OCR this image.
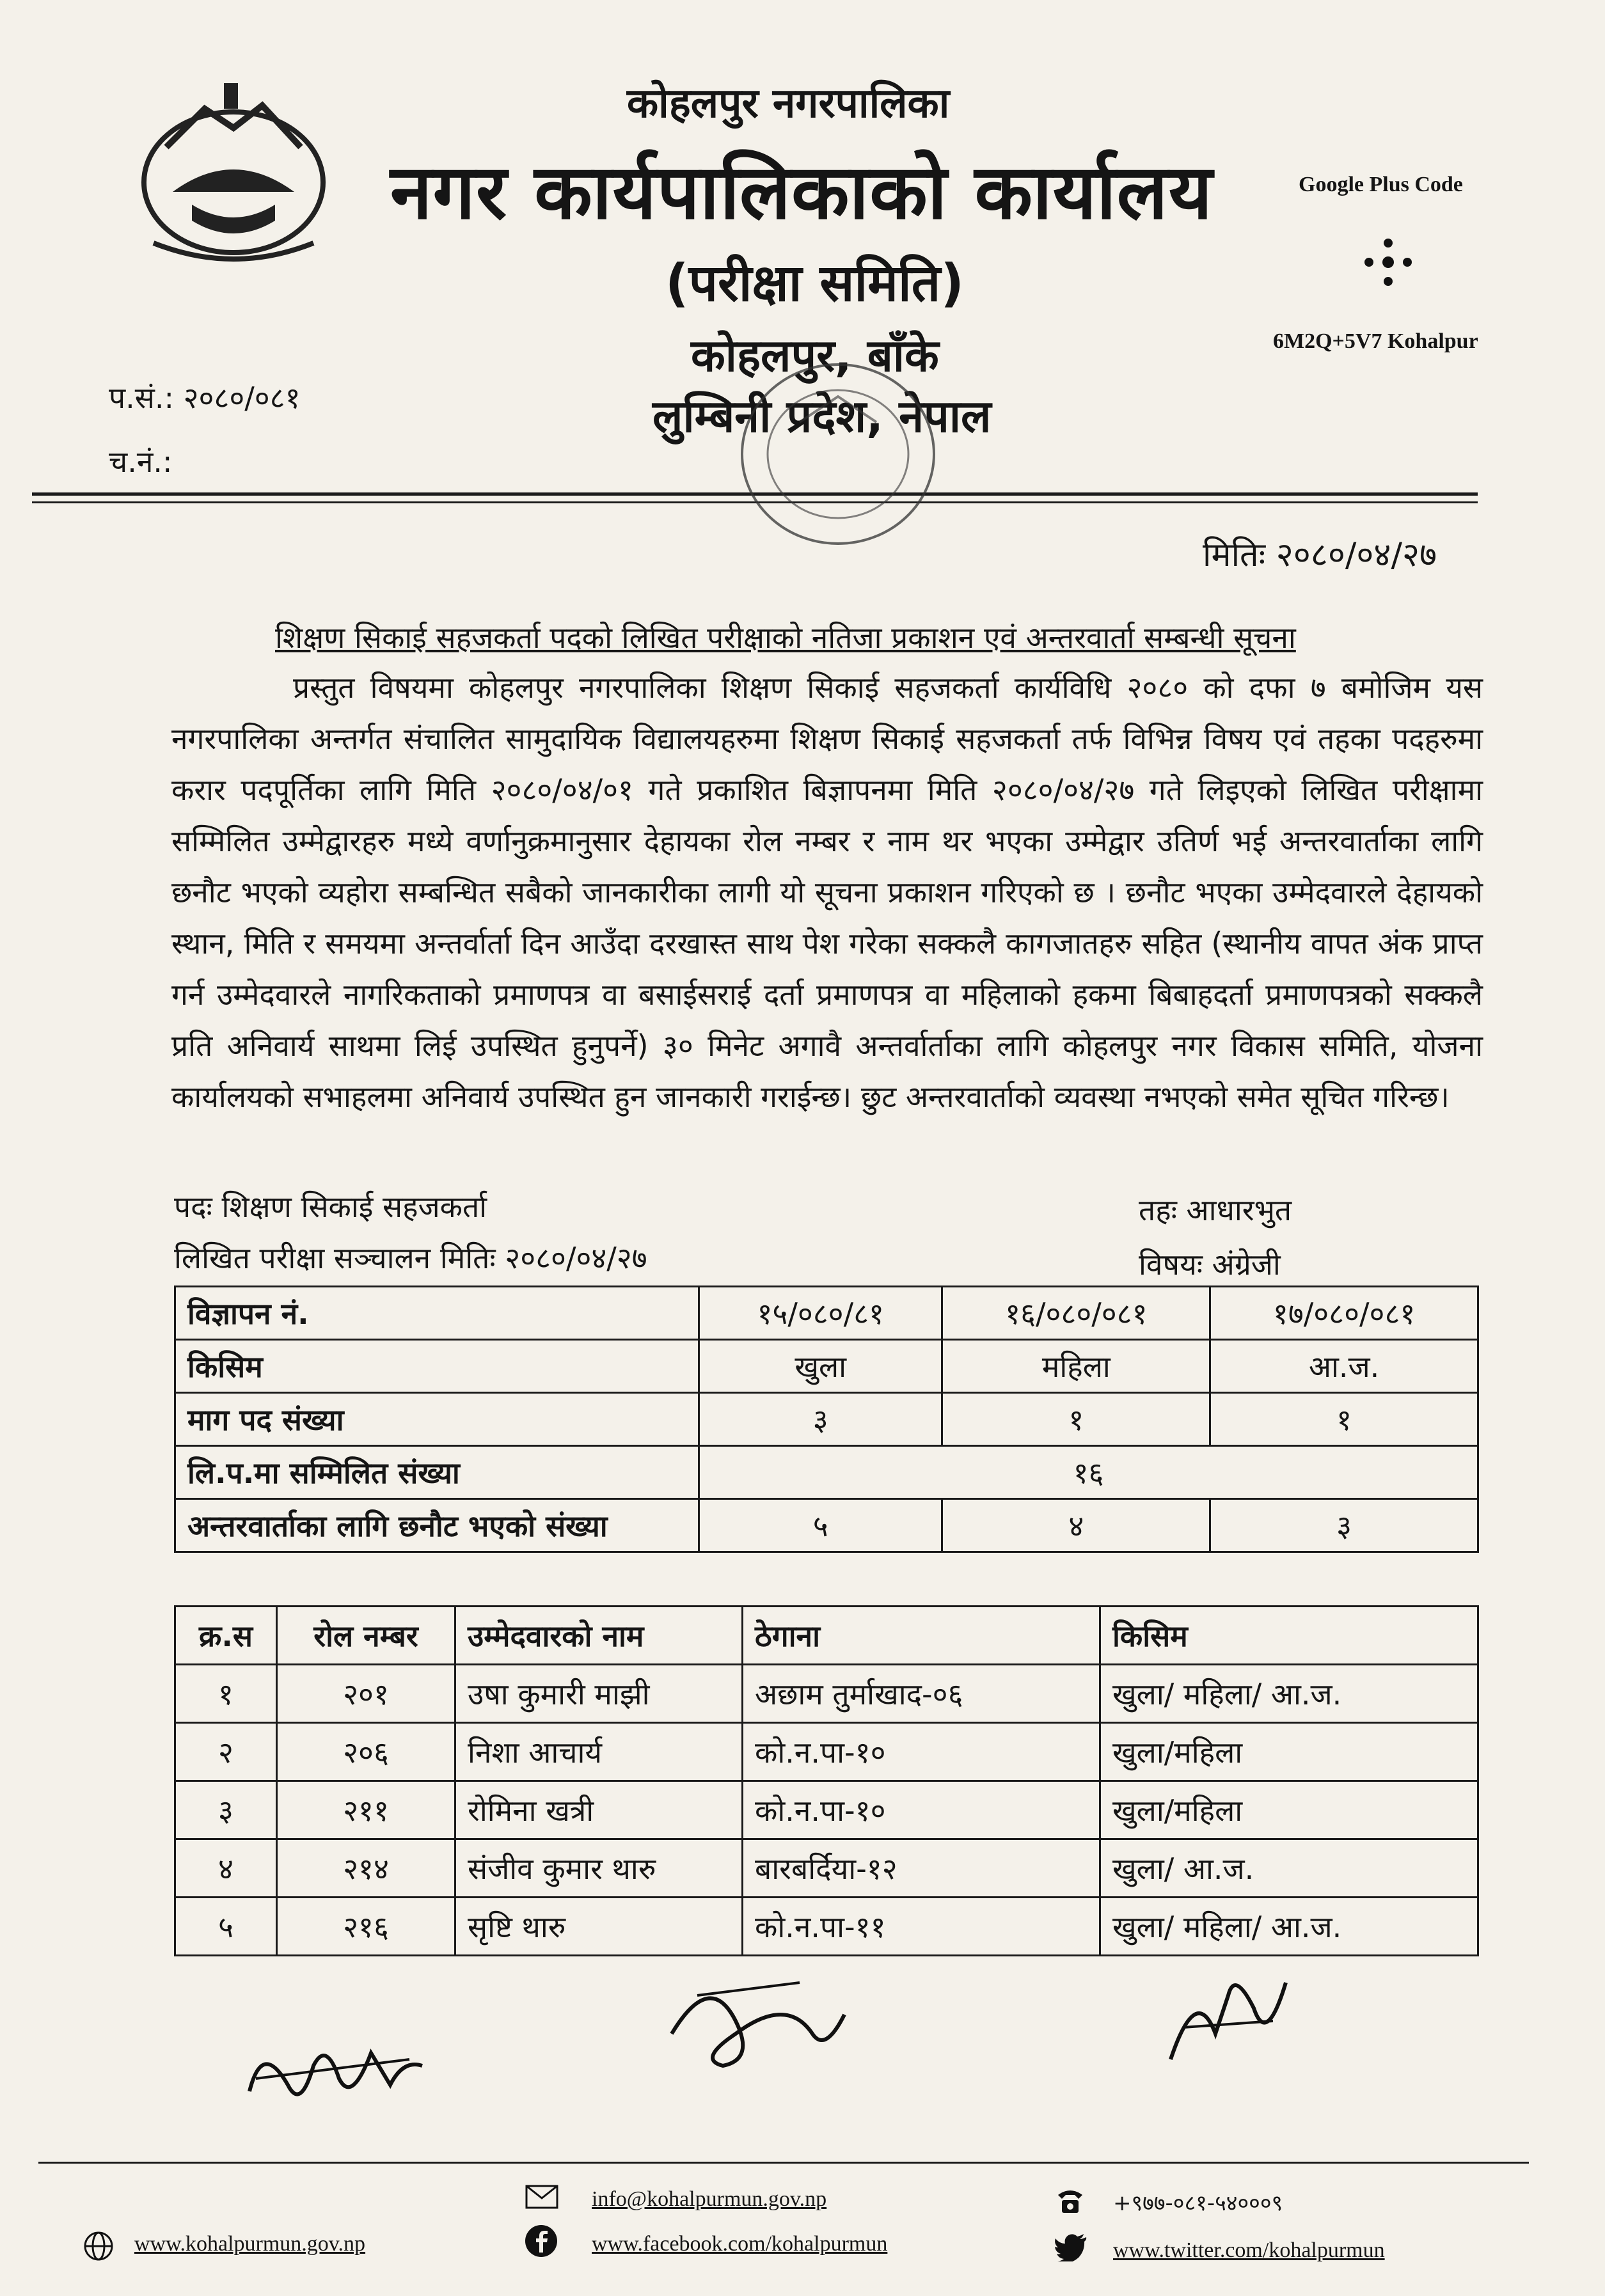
कोहलपुर नगरपालिका
नगर कार्यपालिकाको कार्यालय
(परीक्षा समिति)
कोहलपुर, बाँके
लुम्बिनी प्रदेश, नेपाल
Google Plus Code
6M2Q+5V7 Kohalpur
प.सं.: २०८०/०८१
च.नं.:
मितिः २०८०/०४/२७
शिक्षण सिकाई सहजकर्ता पदको लिखित परीक्षाको नतिजा प्रकाशन एवं अन्तरवार्ता सम्बन्धी सूचना
प्रस्तुत विषयमा कोहलपुर नगरपालिका शिक्षण सिकाई सहजकर्ता कार्यविधि २०८० को दफा ७ बमोजिम यस नगरपालिका अन्तर्गत संचालित सामुदायिक विद्यालयहरुमा शिक्षण सिकाई सहजकर्ता तर्फ विभिन्न विषय एवं तहका पदहरुमा करार पदपूर्तिका लागि मिति २०८०/०४/०१ गते प्रकाशित बिज्ञापनमा मिति २०८०/०४/२७ गते लिइएको लिखित परीक्षामा सम्मिलित उम्मेद्वारहरु मध्ये वर्णानुक्रमानुसार देहायका रोल नम्बर र नाम थर भएका उम्मेद्वार उतिर्ण भई अन्तरवार्ताका लागि छनौट भएको व्यहोरा सम्बन्धित सबैको जानकारीका लागी यो सूचना प्रकाशन गरिएको छ । छनौट भएका उम्मेदवारले देहायको स्थान, मिति र समयमा अन्तर्वार्ता दिन आउँदा दरखास्त साथ पेश गरेका सक्कलै कागजातहरु सहित (स्थानीय वापत अंक प्राप्त गर्न उम्मेदवारले नागरिकताको प्रमाणपत्र वा बसाईसराई दर्ता प्रमाणपत्र वा महिलाको हकमा बिबाहदर्ता प्रमाणपत्रको सक्कलै प्रति अनिवार्य साथमा लिई उपस्थित हुनुपर्ने) ३० मिनेट अगावै अन्तर्वार्ताका लागि कोहलपुर नगर विकास समिति, योजना कार्यालयको सभाहलमा अनिवार्य उपस्थित हुन जानकारी गराईन्छ। छुट अन्तरवार्ताको व्यवस्था नभएको समेत सूचित गरिन्छ।
पदः शिक्षण सिकाई सहजकर्ता	तहः आधारभुत
लिखित परीक्षा सञ्चालन मितिः २०८०/०४/२७	विषयः अंग्रेजी
विज्ञापन नं.	१५/०८०/८१	१६/०८०/०८१	१७/०८०/०८१
किसिम	खुला	महिला	आ.ज.
माग पद संख्या	३	१	१
लि.प.मा सम्मिलित संख्या	१६		
अन्तरवार्ताका लागि छनौट भएको संख्या	५	४	३
क्र.स	रोल नम्बर	उम्मेदवारको नाम	ठेगाना	किसिम
१	२०१	उषा कुमारी माझी	अछाम तुर्माखाद-०६	खुला/ महिला/ आ.ज.
२	२०६	निशा आचार्य	को.न.पा-१०	खुला/महिला
३	२११	रोमिना खत्री	को.न.पा-१०	खुला/महिला
४	२१४	संजीव कुमार थारु	बारबर्दिया-१२	खुला/ आ.ज.
५	२१६	सृष्टि थारु	को.न.पा-११	खुला/ महिला/ आ.ज.
www.kohalpurmun.gov.np
info@kohalpurmun.gov.np
www.facebook.com/kohalpurmun
+९७७-०८१-५४०००९
www.twitter.com/kohalpurmun
